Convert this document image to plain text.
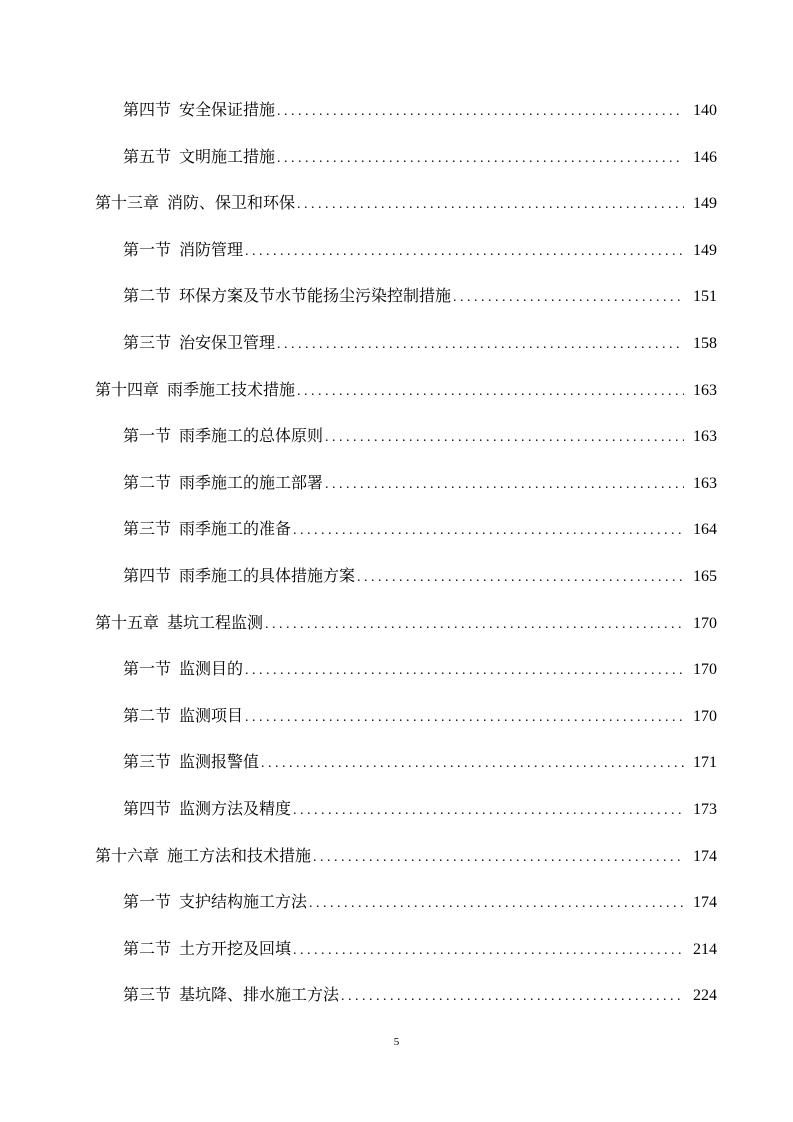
第四节 安全保证措施 . . .	140
第五节 文明施工措施 . . .	146
第十三章 消防、保卫和环保 . . .	149
第一节 消防管理 . . .	149
第二节 环保方案及节水节能扬尘污染控制措施 . . .	151
第三节 治安保卫管理 . . .	158
第十四章 雨季施工技术措施 . . .	163
第一节 雨季施工的总体原则 . . .	163
第二节 雨季施工的施工部署 . . .	163
第三节 雨季施工的准备 . . .	164
第四节 雨季施工的具体措施方案 . . .	165
第十五章 基坑工程监测 . . .	170
第一节 监测目的 . . .	170
第二节 监测项目 . . .	170
第三节 监测报警值 . . .	171
第四节 监测方法及精度 . . .	173
第十六章 施工方法和技术措施 . . .	174
第一节 支护结构施工方法 . . .	174
第二节 土方开挖及回填 . . .	214
第三节 基坑降、排水施工方法 . . .	224
5
